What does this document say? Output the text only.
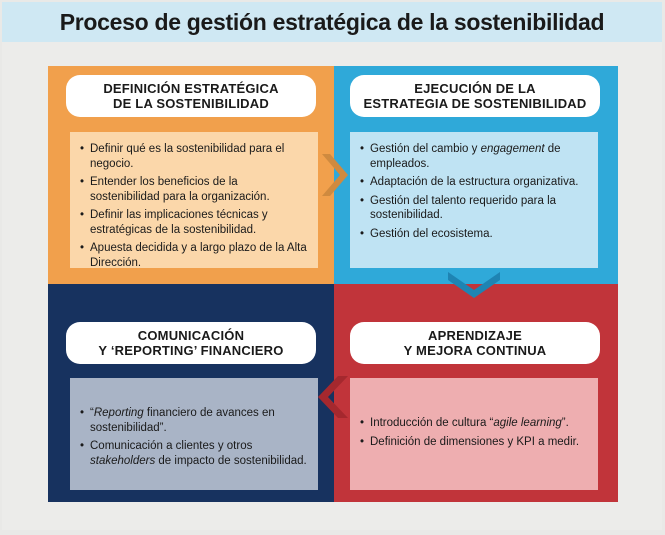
Proceso de gestión estratégica de la sostenibilidad
DEFINICIÓN ESTRATÉGICA
DE LA SOSTENIBILIDAD
• Definir qué es la sostenibilidad para el negocio.
• Entender los beneficios de la sostenibilidad para la organización.
• Definir las implicaciones técnicas y estratégicas de la sostenibilidad.
• Apuesta decidida y a largo plazo de la Alta Dirección.
EJECUCIÓN DE LA
ESTRATEGIA DE SOSTENIBILIDAD
• Gestión del cambio y engagement de empleados.
• Adaptación de la estructura organizativa.
• Gestión del talento requerido para la sostenibilidad.
• Gestión del ecosistema.
COMUNICACIÓN
Y ‘REPORTING’ FINANCIERO
• “Reporting financiero de avances en sostenibilidad”.
• Comunicación a clientes y otros stakeholders de impacto de sostenibilidad.
APRENDIZAJE
Y MEJORA CONTINUA
• Introducción de cultura “agile learning”.
• Definición de dimensiones y KPI a medir.
